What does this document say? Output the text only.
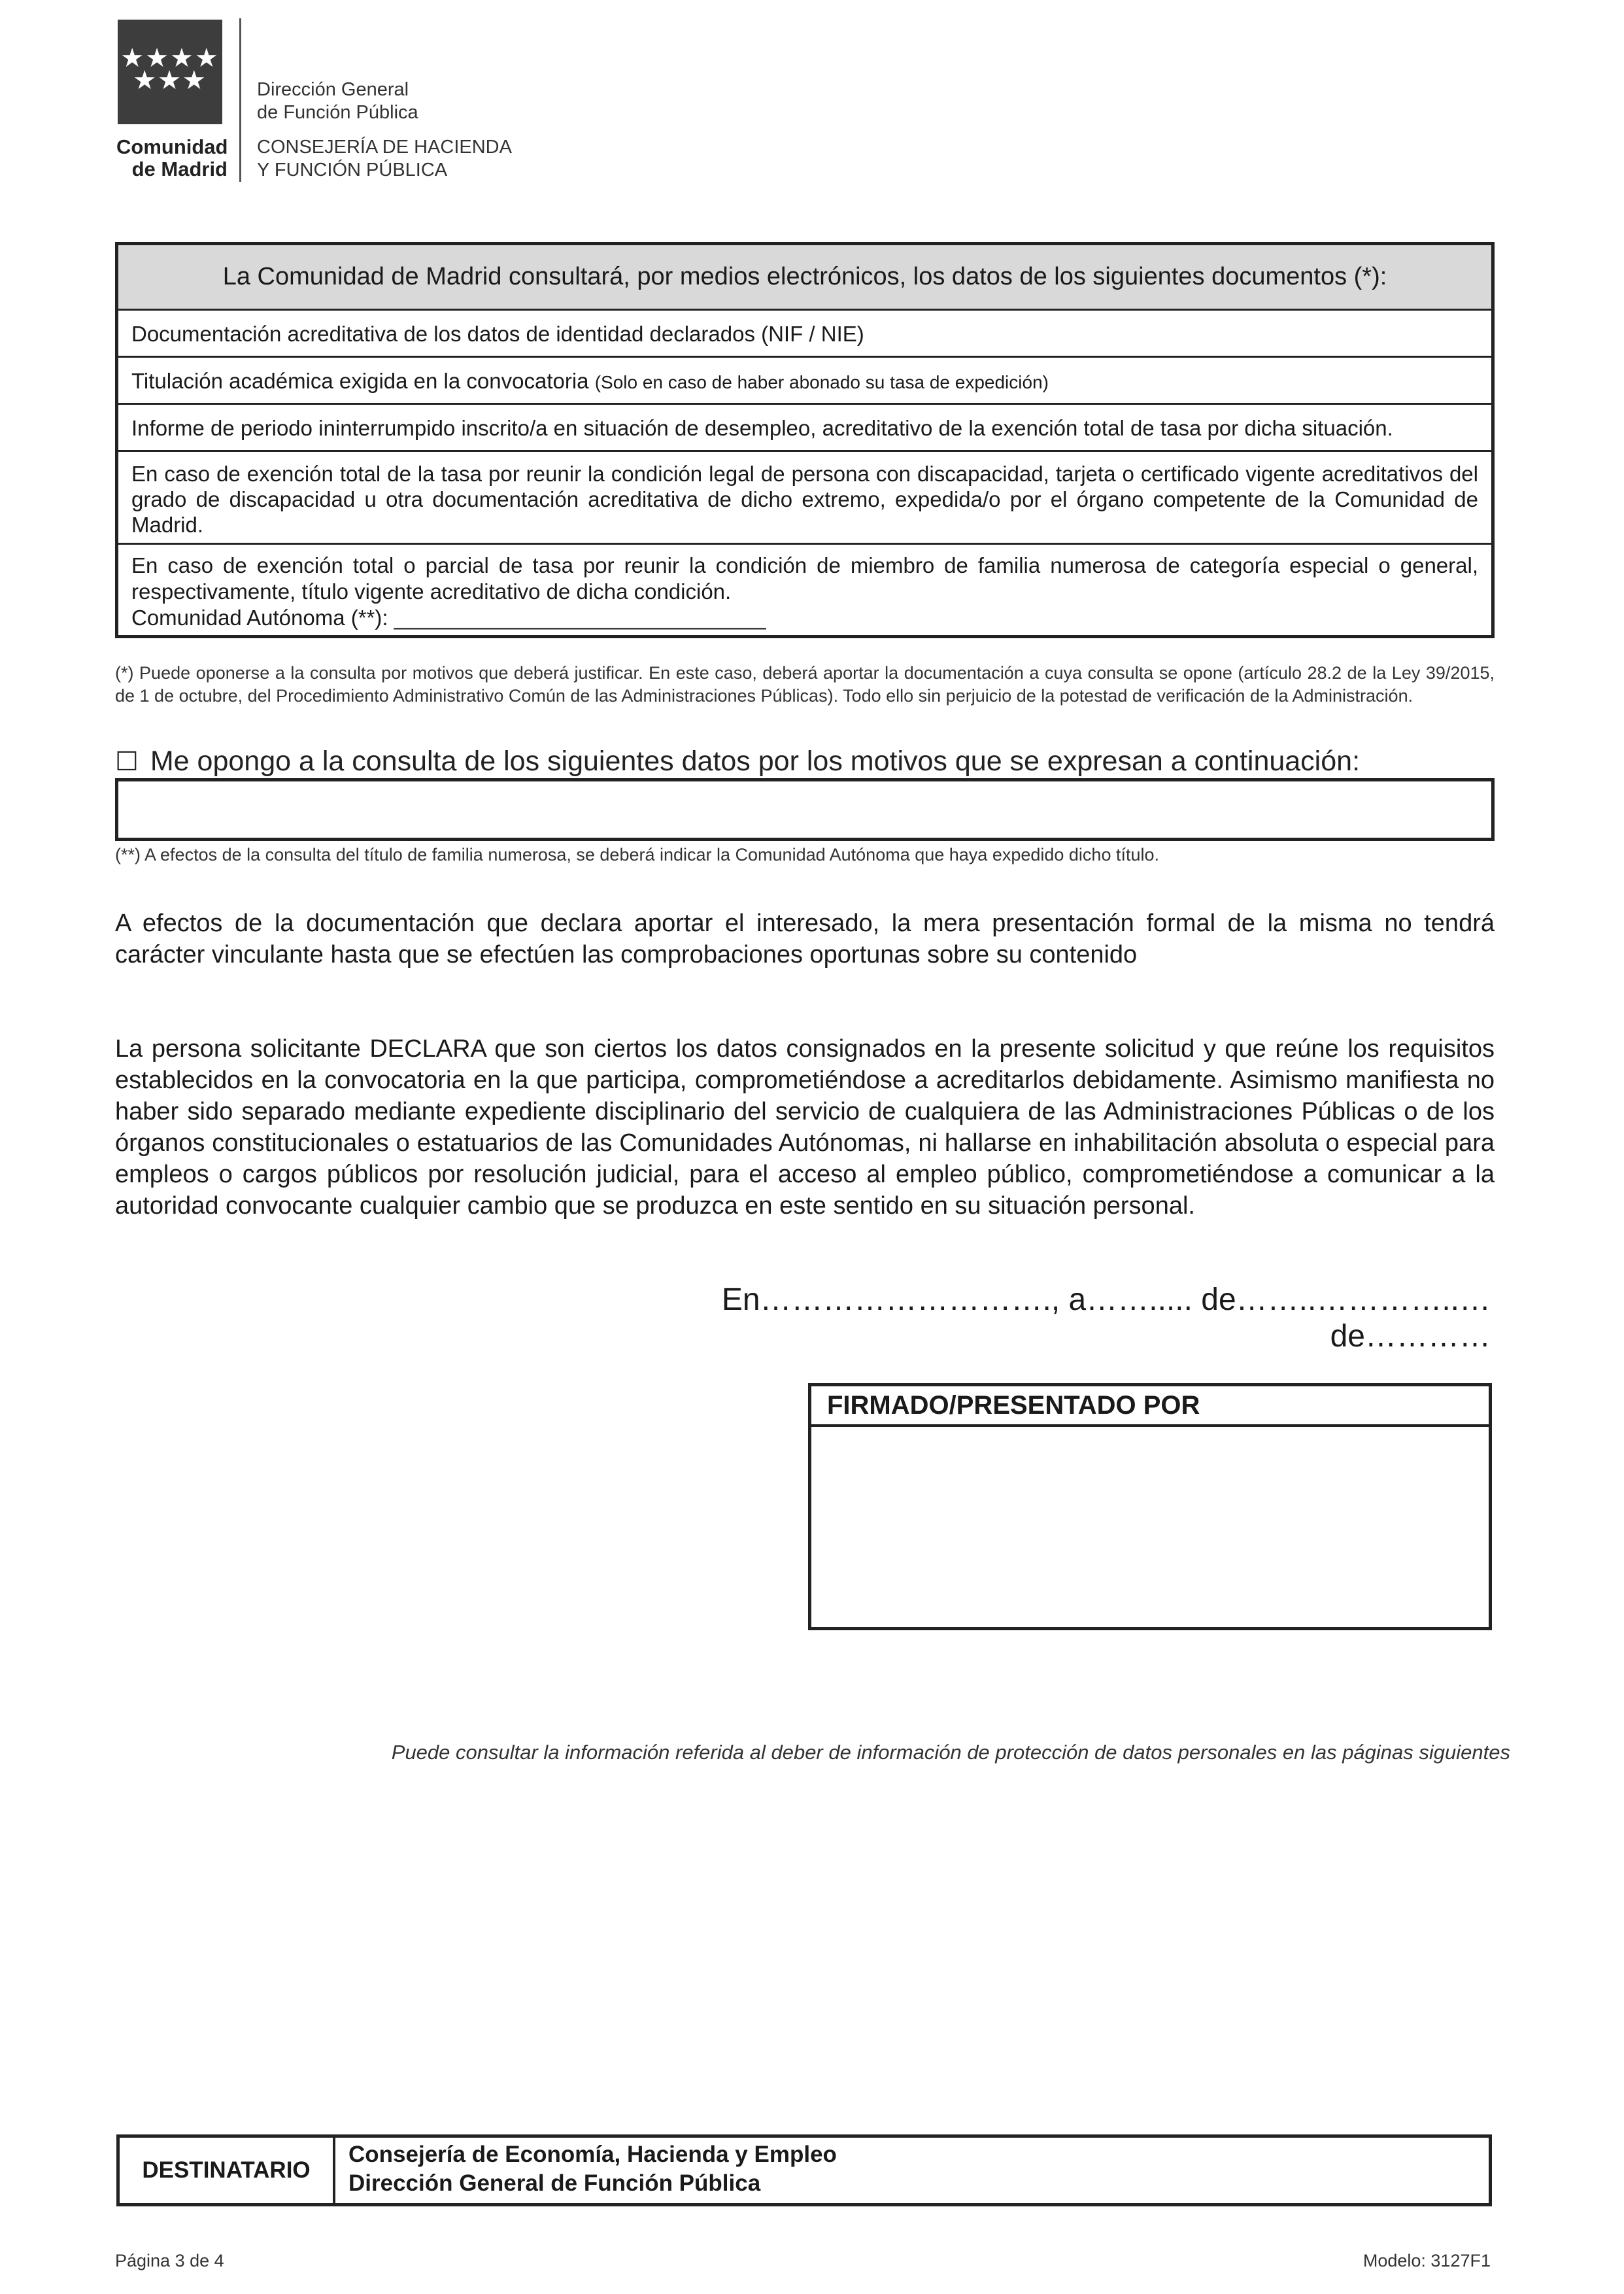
★★★★
★★★
Comunidad
de Madrid
Dirección General
de Función Pública
CONSEJERÍA DE HACIENDA
Y FUNCIÓN PÚBLICA
La Comunidad de Madrid consultará, por medios electrónicos, los datos de los siguientes documentos (*):
Documentación acreditativa de los datos de identidad declarados (NIF / NIE)
Titulación académica exigida en la convocatoria (Solo en caso de haber abonado su tasa de expedición)
Informe de periodo ininterrumpido inscrito/a en situación de desempleo, acreditativo de la exención total de tasa por dicha situación.
En caso de exención total de la tasa por reunir la condición legal de persona con discapacidad, tarjeta o certificado vigente acreditativos del grado de discapacidad u otra documentación acreditativa de dicho extremo, expedida/o por el órgano competente de la Comunidad de Madrid.
En caso de exención total o parcial de tasa por reunir la condición de miembro de familia numerosa de categoría especial o general, respectivamente, título vigente acreditativo de dicha condición.
Comunidad Autónoma (**): _______________________________
(*) Puede oponerse a la consulta por motivos que deberá justificar. En este caso, deberá aportar la documentación a cuya consulta se opone (artículo 28.2 de la Ley 39/2015, de 1 de octubre, del Procedimiento Administrativo Común de las Administraciones Públicas). Todo ello sin perjuicio de la potestad de verificación de la Administración.
☐ Me opongo a la consulta de los siguientes datos por los motivos que se expresan a continuación:
(**) A efectos de la consulta del título de familia numerosa, se deberá indicar la Comunidad Autónoma que haya expedido dicho título.
A efectos de la documentación que declara aportar el interesado, la mera presentación formal de la misma no tendrá carácter vinculante hasta que se efectúen las comprobaciones oportunas sobre su contenido
La persona solicitante DECLARA que son ciertos los datos consignados en la presente solicitud y que reúne los requisitos establecidos en la convocatoria en la que participa, comprometiéndose a acreditarlos debidamente. Asimismo manifiesta no haber sido separado mediante expediente disciplinario del servicio de cualquiera de las Administraciones Públicas o de los órganos constitucionales o estatuarios de las Comunidades Autónomas, ni hallarse en inhabilitación absoluta o especial para empleos o cargos públicos por resolución judicial, para el acceso al empleo público, comprometiéndose a comunicar a la autoridad convocante cualquier cambio que se produzca en este sentido en su situación personal.
En………………………., a……..... de……..…………..… de…………
FIRMADO/PRESENTADO POR
Puede consultar la información referida al deber de información de protección de datos personales en las páginas siguientes
DESTINATARIO
Consejería de Economía, Hacienda y Empleo
Dirección General de Función Pública
Página 3 de 4	Modelo: 3127F1
